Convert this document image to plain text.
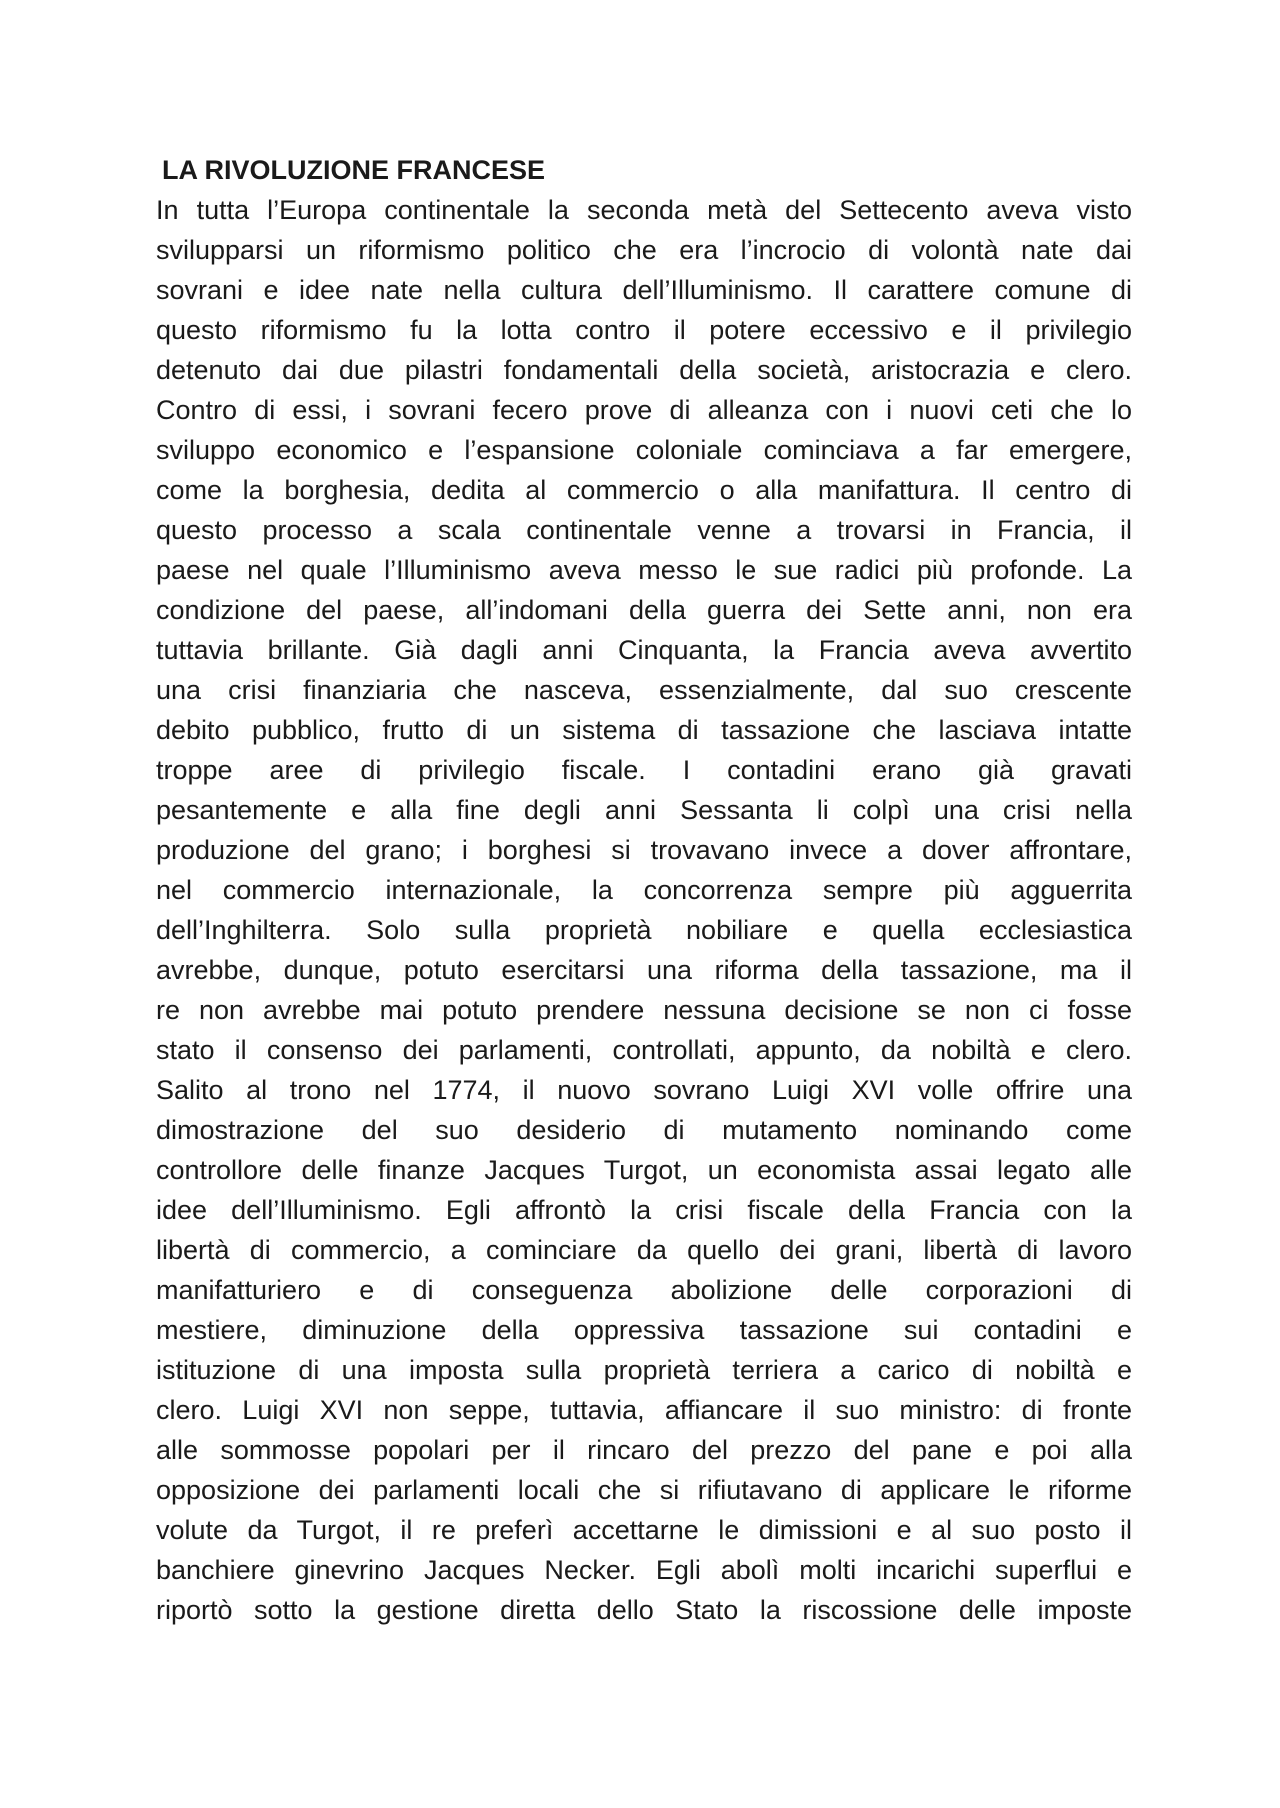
LA RIVOLUZIONE FRANCESE
In tutta l’Europa continentale la seconda metà del Settecento aveva visto
svilupparsi un riformismo politico che era l’incrocio di volontà nate dai
sovrani e idee nate nella cultura dell’Illuminismo. Il carattere comune di
questo riformismo fu la lotta contro il potere eccessivo e il privilegio
detenuto dai due pilastri fondamentali della società, aristocrazia e clero.
Contro di essi, i sovrani fecero prove di alleanza con i nuovi ceti che lo
sviluppo economico e l’espansione coloniale cominciava a far emergere,
come la borghesia, dedita al commercio o alla manifattura. Il centro di
questo processo a scala continentale venne a trovarsi in Francia, il
paese nel quale l’Illuminismo aveva messo le sue radici più profonde. La
condizione del paese, all’indomani della guerra dei Sette anni, non era
tuttavia brillante. Già dagli anni Cinquanta, la Francia aveva avvertito
una crisi finanziaria che nasceva, essenzialmente, dal suo crescente
debito pubblico, frutto di un sistema di tassazione che lasciava intatte
troppe aree di privilegio fiscale. I contadini erano già gravati
pesantemente e alla fine degli anni Sessanta li colpì una crisi nella
produzione del grano; i borghesi si trovavano invece a dover affrontare,
nel commercio internazionale, la concorrenza sempre più agguerrita
dell’Inghilterra. Solo sulla proprietà nobiliare e quella ecclesiastica
avrebbe, dunque, potuto esercitarsi una riforma della tassazione, ma il
re non avrebbe mai potuto prendere nessuna decisione se non ci fosse
stato il consenso dei parlamenti, controllati, appunto, da nobiltà e clero.
Salito al trono nel 1774, il nuovo sovrano Luigi XVI volle offrire una
dimostrazione del suo desiderio di mutamento nominando come
controllore delle finanze Jacques Turgot, un economista assai legato alle
idee dell’Illuminismo. Egli affrontò la crisi fiscale della Francia con la
libertà di commercio, a cominciare da quello dei grani, libertà di lavoro
manifatturiero e di conseguenza abolizione delle corporazioni di
mestiere, diminuzione della oppressiva tassazione sui contadini e
istituzione di una imposta sulla proprietà terriera a carico di nobiltà e
clero. Luigi XVI non seppe, tuttavia, affiancare il suo ministro: di fronte
alle sommosse popolari per il rincaro del prezzo del pane e poi alla
opposizione dei parlamenti locali che si rifiutavano di applicare le riforme
volute da Turgot, il re preferì accettarne le dimissioni e al suo posto il
banchiere ginevrino Jacques Necker. Egli abolì molti incarichi superflui e
riportò sotto la gestione diretta dello Stato la riscossione delle imposte
